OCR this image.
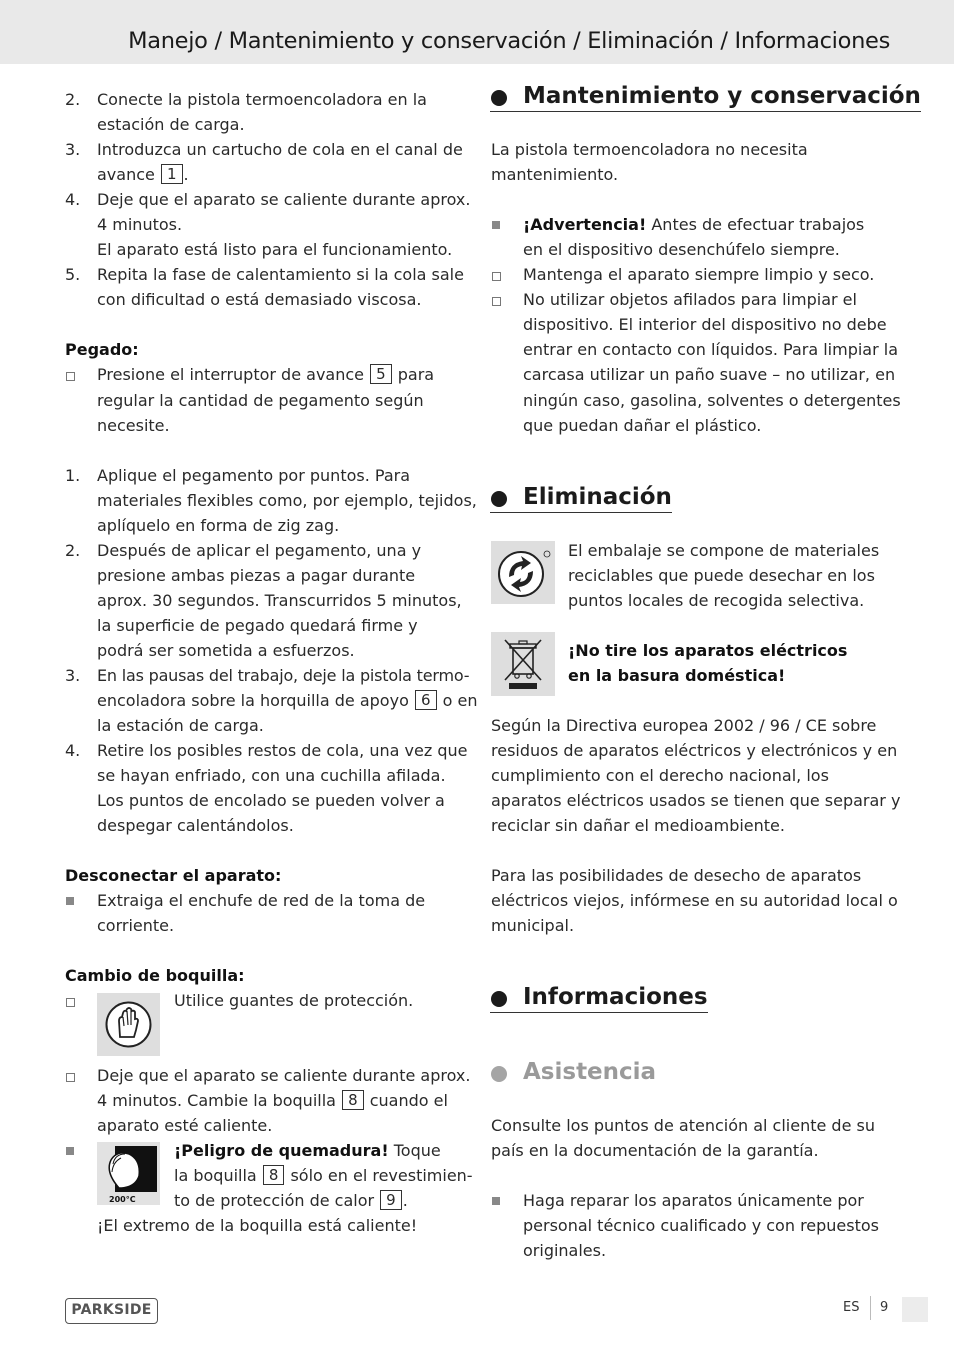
Manejo / Mantenimiento y conservación / Eliminación / Informaciones
2. Conecte la pistola termoencoladora en la
estación de carga.
3. Introduzca un cartucho de cola en el canal de
avance 1 .
4. Deje que el aparato se caliente durante aprox.
4 minutos.
El aparato está listo para el funcionamiento.
5. Repita la fase de calentamiento si la cola sale
con dificultad o está demasiado viscosa.
Pegado:
Presione el interruptor de avance 5 para
regular la cantidad de pegamento según
necesite.
1. Aplique el pegamento por puntos. Para
materiales flexibles como, por ejemplo, tejidos,
aplíquelo en forma de zig zag.
2. Después de aplicar el pegamento, una y
presione ambas piezas a pagar durante
aprox. 30 segundos. Transcurridos 5 minutos,
la superficie de pegado quedará firme y
podrá ser sometida a esfuerzos.
3. En las pausas del trabajo, deje la pistola termo-
encoladora sobre la horquilla de apoyo 6 o en
la estación de carga.
4. Retire los posibles restos de cola, una vez que
se hayan enfriado, con una cuchilla afilada.
Los puntos de encolado se pueden volver a
despegar calentándolos.
Desconectar el aparato:
Extraiga el enchufe de red de la toma de
corriente.
Cambio de boquilla:
Utilice guantes de protección.
Deje que el aparato se caliente durante aprox.
4 minutos. Cambie la boquilla 8 cuando el
aparato esté caliente.
200°C
¡Peligro de quemadura! Toque
la boquilla 8 sólo en el revestimien-
to de protección de calor 9 .
¡El extremo de la boquilla está caliente!
Mantenimiento y conservación
La pistola termoencoladora no necesita
mantenimiento.
¡Advertencia! Antes de efectuar trabajos
en el dispositivo desenchúfelo siempre.
Mantenga el aparato siempre limpio y seco.
No utilizar objetos afilados para limpiar el
dispositivo. El interior del dispositivo no debe
entrar en contacto con líquidos. Para limpiar la
carcasa utilizar un paño suave – no utilizar, en
ningún caso, gasolina, solventes o detergentes
que puedan dañar el plástico.
Eliminación
El embalaje se compone de materiales
reciclables que puede desechar en los
puntos locales de recogida selectiva.
¡No tire los aparatos eléctricos
en la basura doméstica!
Según la Directiva europea 2002 / 96 / CE sobre
residuos de aparatos eléctricos y electrónicos y en
cumplimiento con el derecho nacional, los
aparatos eléctricos usados se tienen que separar y
reciclar sin dañar el medioambiente.
Para las posibilidades de desecho de aparatos
eléctricos viejos, infórmese en su autoridad local o
municipal.
Informaciones
Asistencia
Consulte los puntos de atención al cliente de su
país en la documentación de la garantía.
Haga reparar los aparatos únicamente por
personal técnico cualificado y con repuestos
originales.
PARKSIDE	ES 9
